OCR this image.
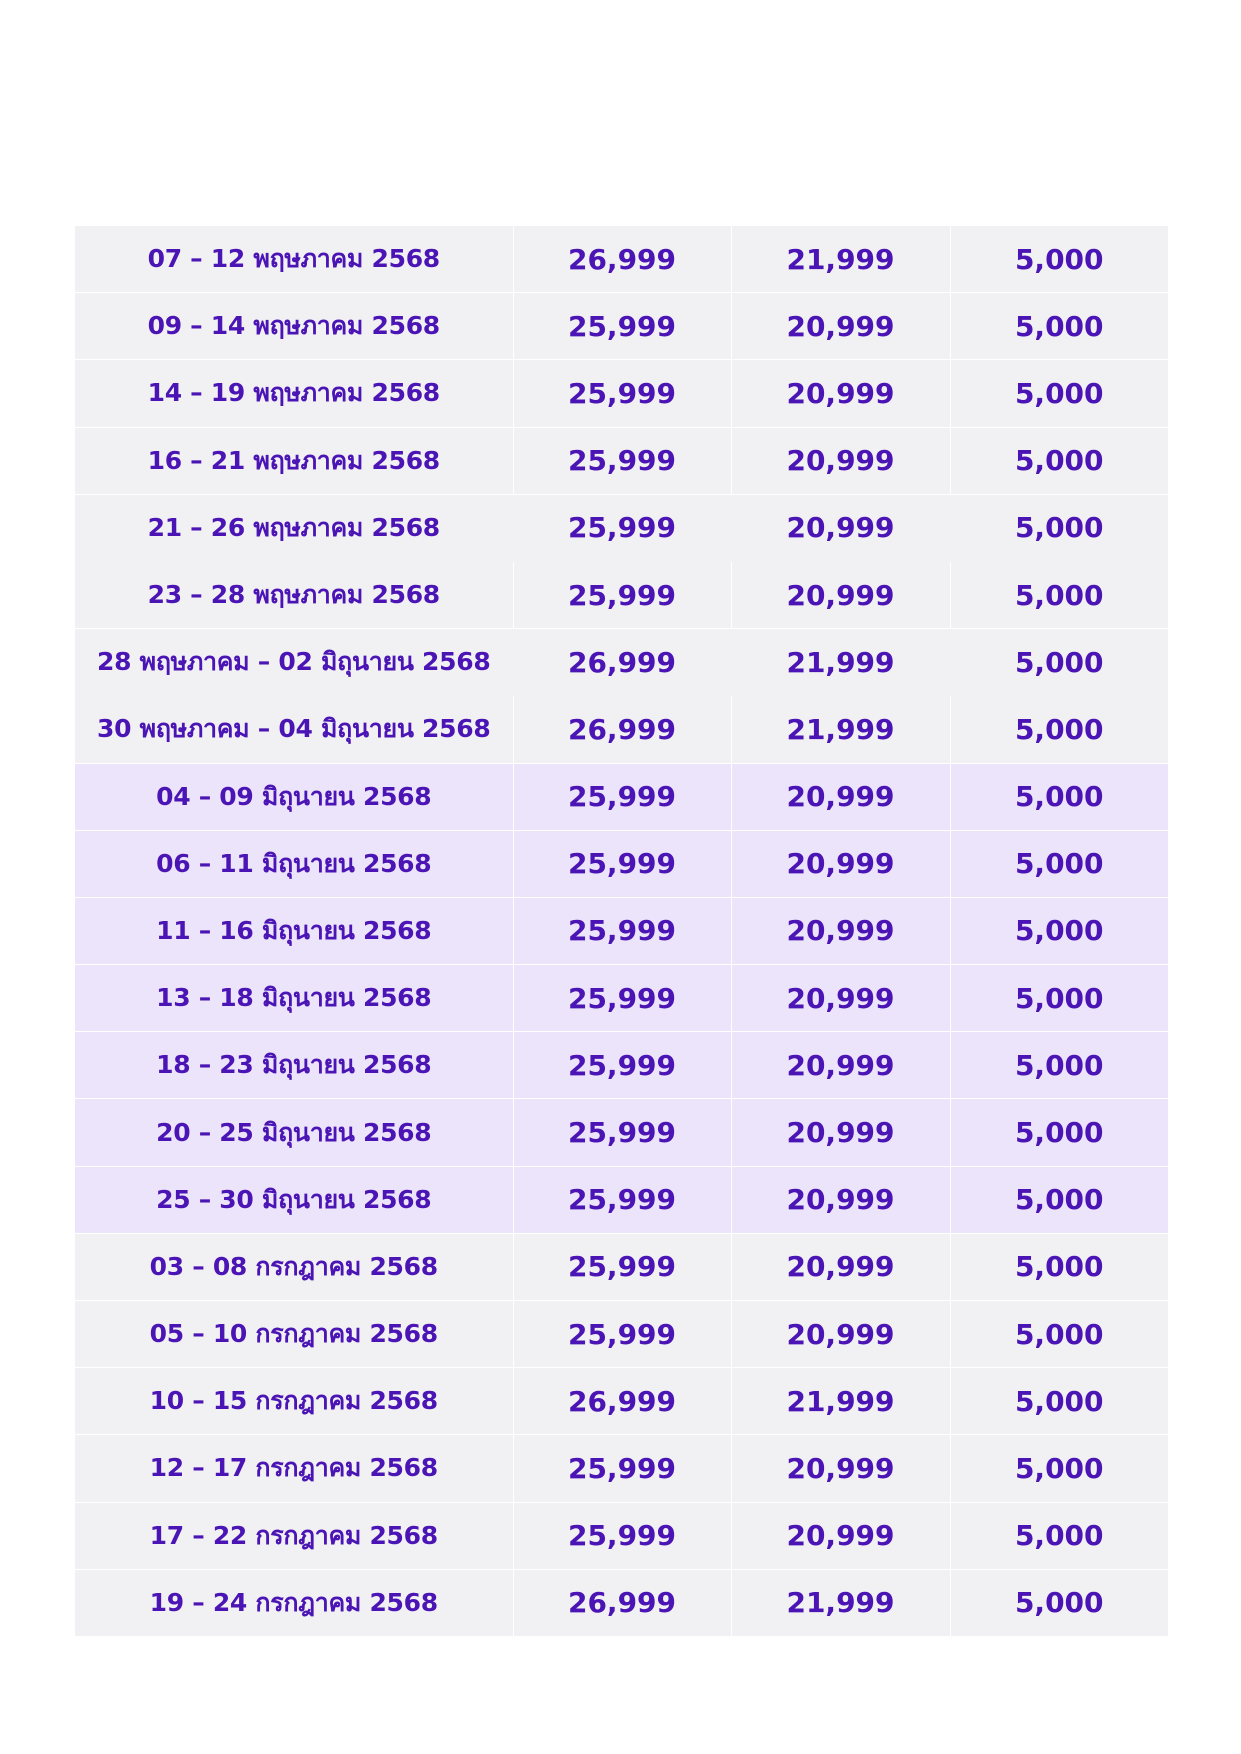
07 – 12 พฤษภาคม 2568	26,999	21,999	5,000
09 – 14 พฤษภาคม 2568	25,999	20,999	5,000
14 – 19 พฤษภาคม 2568	25,999	20,999	5,000
16 – 21 พฤษภาคม 2568	25,999	20,999	5,000
21 – 26 พฤษภาคม 2568	25,999	20,999	5,000
23 – 28 พฤษภาคม 2568	25,999	20,999	5,000
28 พฤษภาคม – 02 มิถุนายน 2568	26,999	21,999	5,000
30 พฤษภาคม – 04 มิถุนายน 2568	26,999	21,999	5,000
04 – 09 มิถุนายน 2568	25,999	20,999	5,000
06 – 11 มิถุนายน 2568	25,999	20,999	5,000
11 – 16 มิถุนายน 2568	25,999	20,999	5,000
13 – 18 มิถุนายน 2568	25,999	20,999	5,000
18 – 23 มิถุนายน 2568	25,999	20,999	5,000
20 – 25 มิถุนายน 2568	25,999	20,999	5,000
25 – 30 มิถุนายน 2568	25,999	20,999	5,000
03 – 08 กรกฎาคม 2568	25,999	20,999	5,000
05 – 10 กรกฎาคม 2568	25,999	20,999	5,000
10 – 15 กรกฎาคม 2568	26,999	21,999	5,000
12 – 17 กรกฎาคม 2568	25,999	20,999	5,000
17 – 22 กรกฎาคม 2568	25,999	20,999	5,000
19 – 24 กรกฎาคม 2568	26,999	21,999	5,000
